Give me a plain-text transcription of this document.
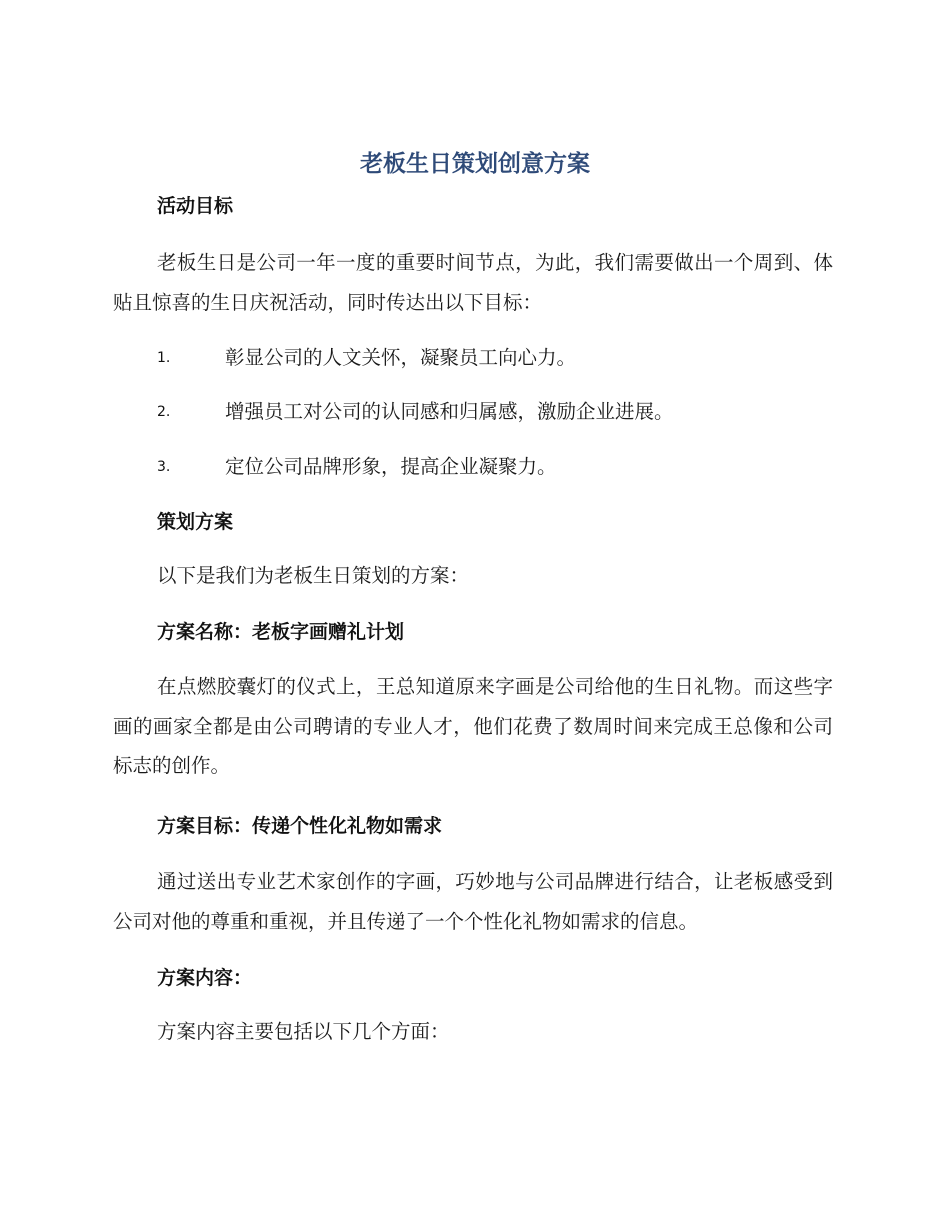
老板生日策划创意方案
活动目标
老板生日是公司一年一度的重要时间节点，为此，我们需要做出一个周到、体贴且惊喜的生日庆祝活动，同时传达出以下目标：
1.	彰显公司的人文关怀，凝聚员工向心力。
2.	增强员工对公司的认同感和归属感，激励企业进展。
3.	定位公司品牌形象，提高企业凝聚力。
策划方案
以下是我们为老板生日策划的方案：
方案名称：老板字画赠礼计划
在点燃胶囊灯的仪式上，王总知道原来字画是公司给他的生日礼物。而这些字画的画家全都是由公司聘请的专业人才，他们花费了数周时间来完成王总像和公司标志的创作。
方案目标：传递个性化礼物如需求
通过送出专业艺术家创作的字画，巧妙地与公司品牌进行结合，让老板感受到公司对他的尊重和重视，并且传递了一个个性化礼物如需求的信息。
方案内容：
方案内容主要包括以下几个方面：
